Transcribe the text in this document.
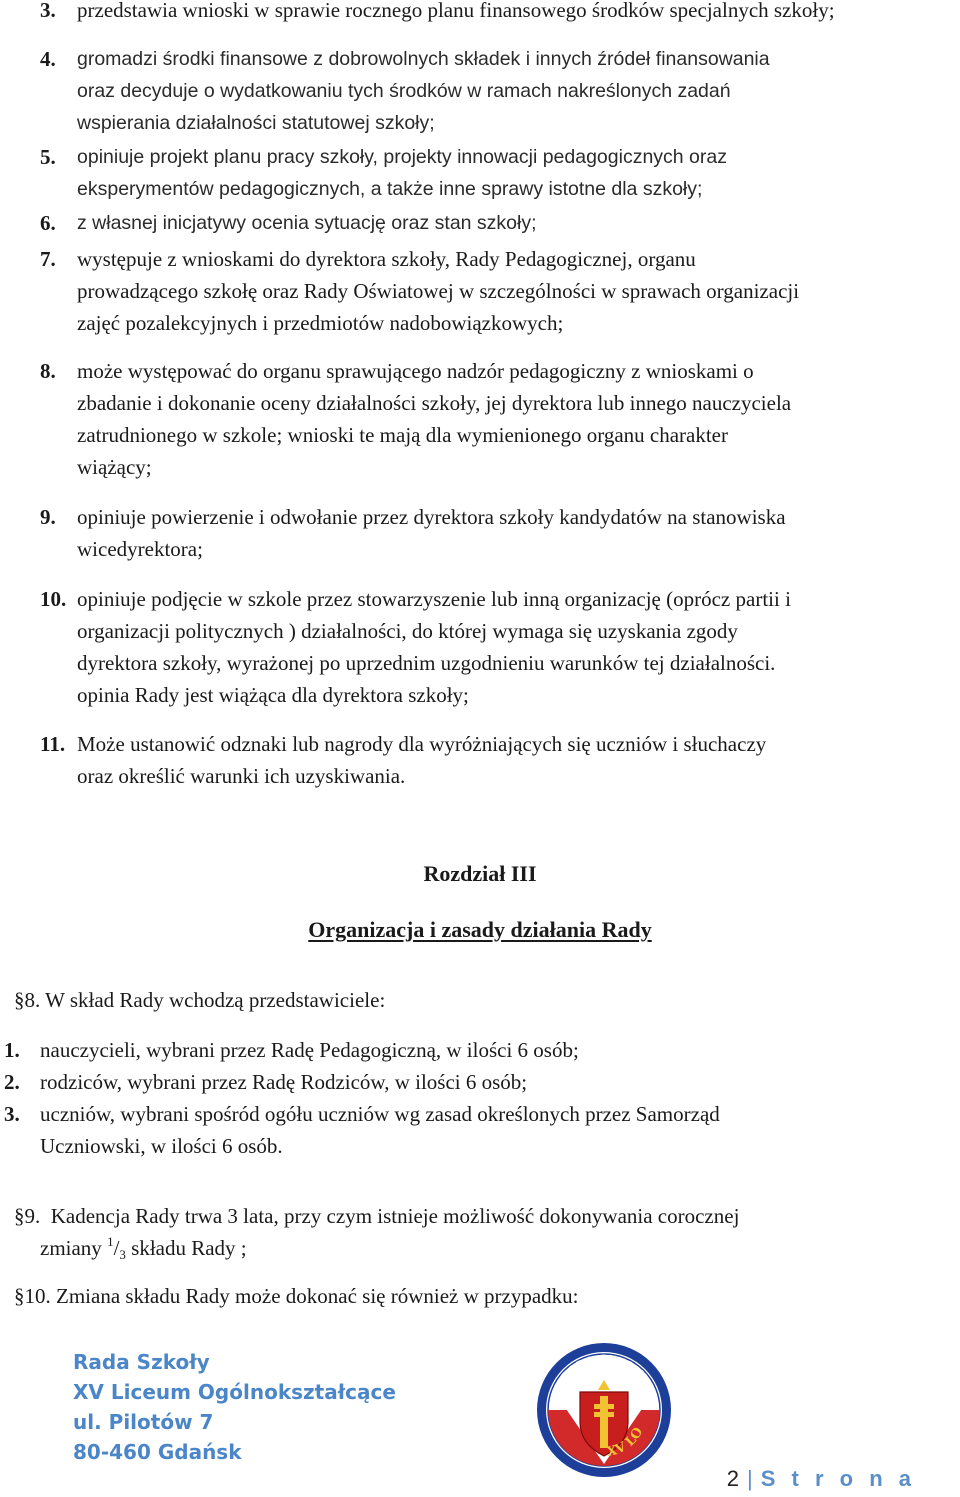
3. przedstawia wnioski w sprawie rocznego planu finansowego środków specjalnych szkoły;
4. gromadzi środki finansowe z dobrowolnych składek i innych źródeł finansowania
oraz decyduje o wydatkowaniu tych środków w ramach nakreślonych zadań
wspierania działalności statutowej szkoły;
5. opiniuje projekt planu pracy szkoły, projekty innowacji pedagogicznych oraz
eksperymentów pedagogicznych, a także inne sprawy istotne dla szkoły;
6. z własnej inicjatywy ocenia sytuację oraz stan szkoły;
7. występuje z wnioskami do dyrektora szkoły, Rady Pedagogicznej, organu
prowadzącego szkołę oraz Rady Oświatowej w szczególności w sprawach organizacji
zajęć pozalekcyjnych i przedmiotów nadobowiązkowych;
8. może występować do organu sprawującego nadzór pedagogiczny z wnioskami o
zbadanie i dokonanie oceny działalności szkoły, jej dyrektora lub innego nauczyciela
zatrudnionego w szkole; wnioski te mają dla wymienionego organu charakter
wiążący;
9. opiniuje powierzenie i odwołanie przez dyrektora szkoły kandydatów na stanowiska
wicedyrektora;
10. opiniuje podjęcie w szkole przez stowarzyszenie lub inną organizację (oprócz partii i
organizacji politycznych ) działalności, do której wymaga się uzyskania zgody
dyrektora szkoły, wyrażonej po uprzednim uzgodnieniu warunków tej działalności.
opinia Rady jest wiążąca dla dyrektora szkoły;
11. Może ustanowić odznaki lub nagrody dla wyróżniających się uczniów i słuchaczy
oraz określić warunki ich uzyskiwania.
Rozdział III
Organizacja i zasady działania Rady
§8. W skład Rady wchodzą przedstawiciele:
1. nauczycieli, wybrani przez Radę Pedagogiczną, w ilości 6 osób;
2. rodziców, wybrani przez Radę Rodziców, w ilości 6 osób;
3. uczniów, wybrani spośród ogółu uczniów wg zasad określonych przez Samorząd
Uczniowski, w ilości 6 osób.
§9. Kadencja Rady trwa 3 lata, przy czym istnieje możliwość dokonywania corocznej
zmiany $^1$/3 składu Rady ;
§10. Zmiana składu Rady może dokonać się również w przypadku:
Rada Szkoły
XV Liceum Ogólnokształcące
ul. Pilotów 7
80-460 Gdańsk
RADA SZKOŁY
XV LO
2 | S t r o n a
